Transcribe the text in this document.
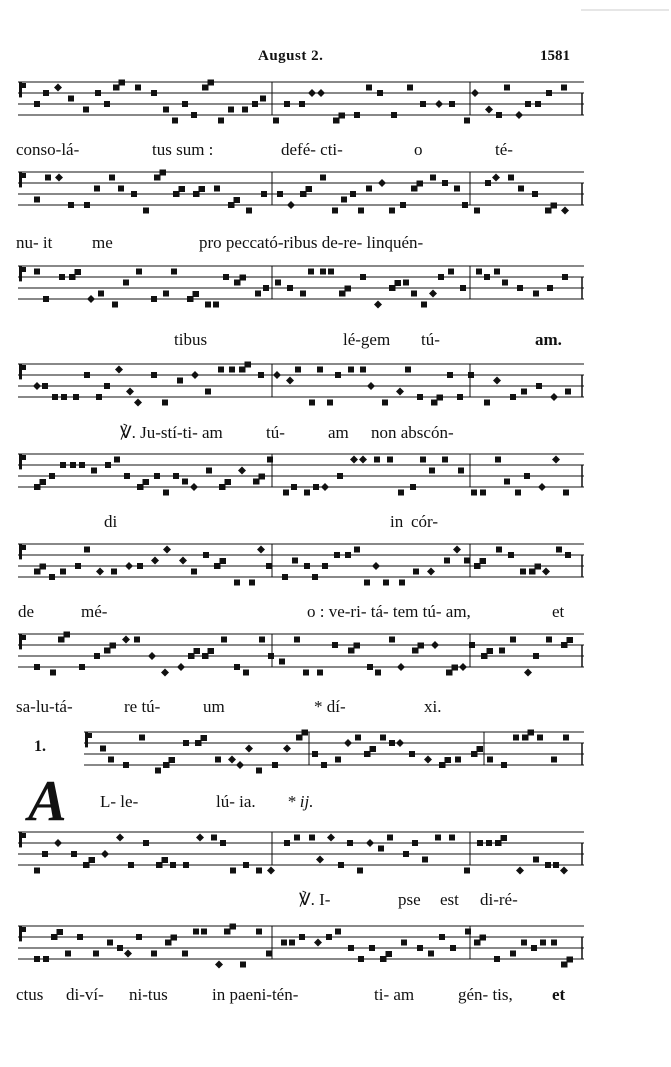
August 2.	1581
conso-lá-	tus sum :	defé- cti-	o	té-
nu- it me	pro peccató-ribus de-re- linquén-
tibus	lé-gem tú-	am.
℣. Ju-stí-ti- am	tú-	am non abscón-
di	in cór-
de	mé-	o : ve-ri- tá- tem tú- am,	et
sa-lu-tá-	re tú-	um	* dí-	xi.
1.
A L- le-	lú- ia. * ij.
℣. I-	pse est di-ré-
ctus di-ví- ni-tus	in paeni-tén-	ti- am	gén- tis, et
